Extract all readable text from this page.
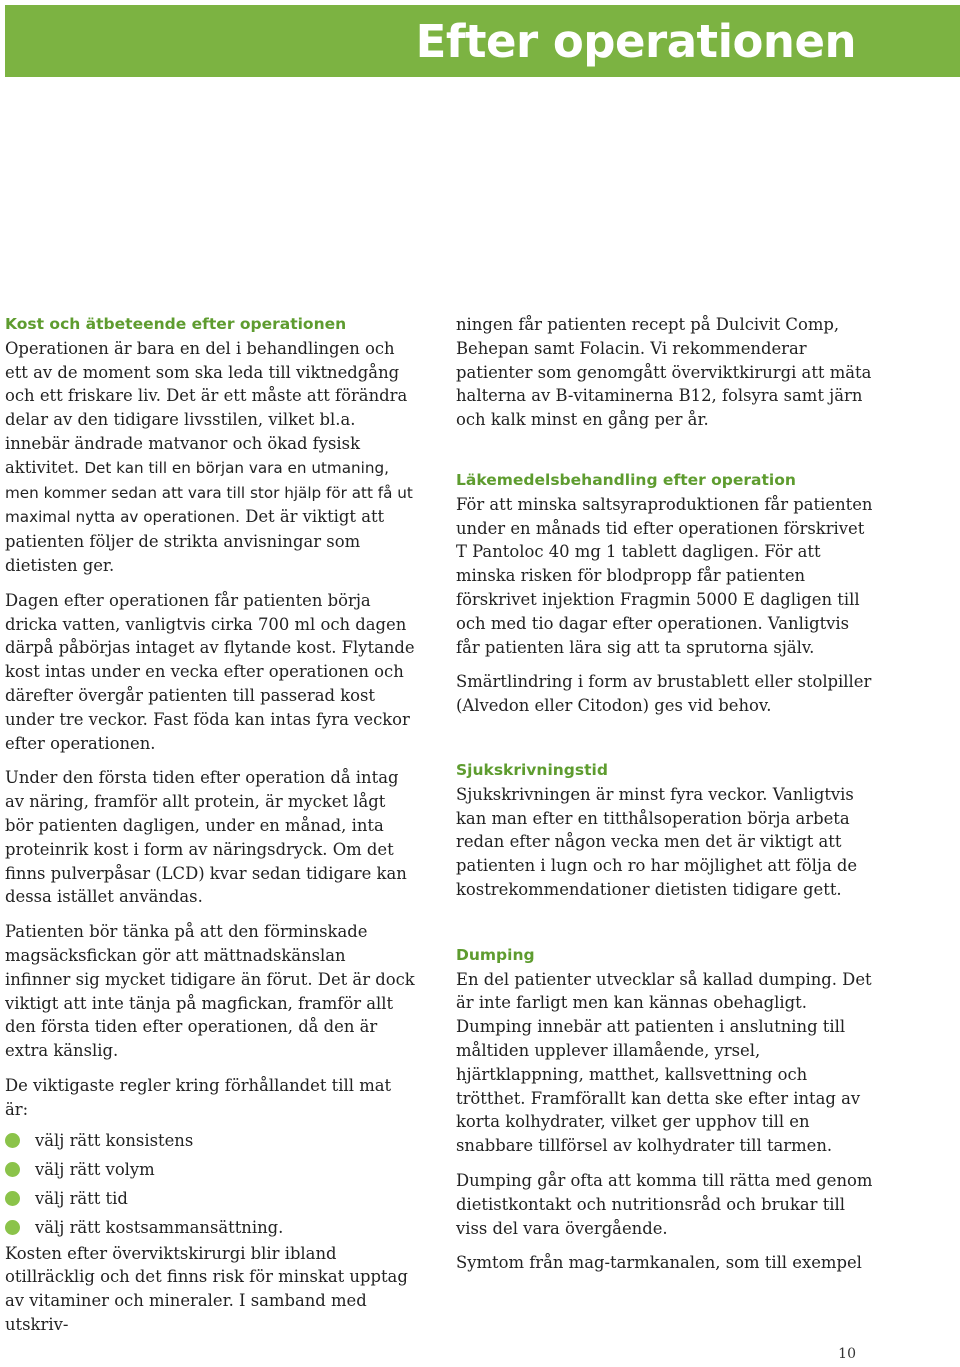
Efter operationen
Kost och ätbeteende efter operationen

Operationen är bara en del i behandlingen och ett av de moment som ska leda till viktnedgång och ett friskare liv. Det är ett måste att förändra delar av den tidigare livsstilen, vilket bl.a. innebär ändrade matvanor och ökad fysisk aktivitet. Det kan till en början vara en utmaning, men kommer sedan att vara till stor hjälp för att få ut maximal nytta av operationen. Det är viktigt att patienten följer de strikta anvisningar som dietisten ger.

Dagen efter operationen får patienten börja dricka vatten, vanligtvis cirka 700 ml och dagen därpå påbörjas intaget av flytande kost. Flytande kost intas under en vecka efter operationen och därefter övergår patienten till passerad kost under tre veckor. Fast föda kan intas fyra veckor efter operationen.

Under den första tiden efter operation då intag av näring, framför allt protein, är mycket lågt bör patienten dagligen, under en månad, inta proteinrik kost i form av näringsdryck. Om det finns pulverpåsar (LCD) kvar sedan tidigare kan dessa istället användas.

Patienten bör tänka på att den förminskade magsäcksfickan gör att mättnadskänslan infinner sig mycket tidigare än förut. Det är dock viktigt att inte tänja på magfickan, framför allt den första tiden efter operationen, då den är extra känslig.

De viktigaste regler kring förhållandet till mat är:

välj rätt konsistens
välj rätt volym
välj rätt tid
välj rätt kostsammansättning.

Kosten efter överviktskirurgi blir ibland otillräcklig och det finns risk för minskat upptag av vitaminer och mineraler. I samband med utskriv-

ningen får patienten recept på Dulcivit Comp, Behepan samt Folacin. Vi rekommenderar patienter som genomgått överviktkirurgi att mäta halterna av B-vitaminerna B12, folsyra samt järn och kalk minst en gång per år.

Läkemedelsbehandling efter operation

För att minska saltsyraproduktionen får patienten under en månads tid efter operationen förskrivet T Pantoloc 40 mg 1 tablett dagligen. För att minska risken för blodpropp får patienten förskrivet injektion Fragmin 5000 E dagligen till och med tio dagar efter operationen. Vanligtvis får patienten lära sig att ta sprutorna själv.

Smärtlindring i form av brustablett eller stolpiller (Alvedon eller Citodon) ges vid behov.

Sjukskrivningstid

Sjukskrivningen är minst fyra veckor. Vanligtvis kan man efter en titthålsoperation börja arbeta redan efter någon vecka men det är viktigt att patienten i lugn och ro har möjlighet att följa de kostrekommendationer dietisten tidigare gett.

Dumping

En del patienter utvecklar så kallad dumping. Det är inte farligt men kan kännas obehagligt. Dumping innebär att patienten i anslutning till måltiden upplever illamående, yrsel, hjärtklappning, matthet, kallsvettning och trötthet. Framförallt kan detta ske efter intag av korta kolhydrater, vilket ger upphov till en snabbare tillförsel av kolhydrater till tarmen.

Dumping går ofta att komma till rätta med genom dietistkontakt och nutritionsråd och brukar till viss del vara övergående.

Symtom från mag-tarmkanalen, som till exempel

10
